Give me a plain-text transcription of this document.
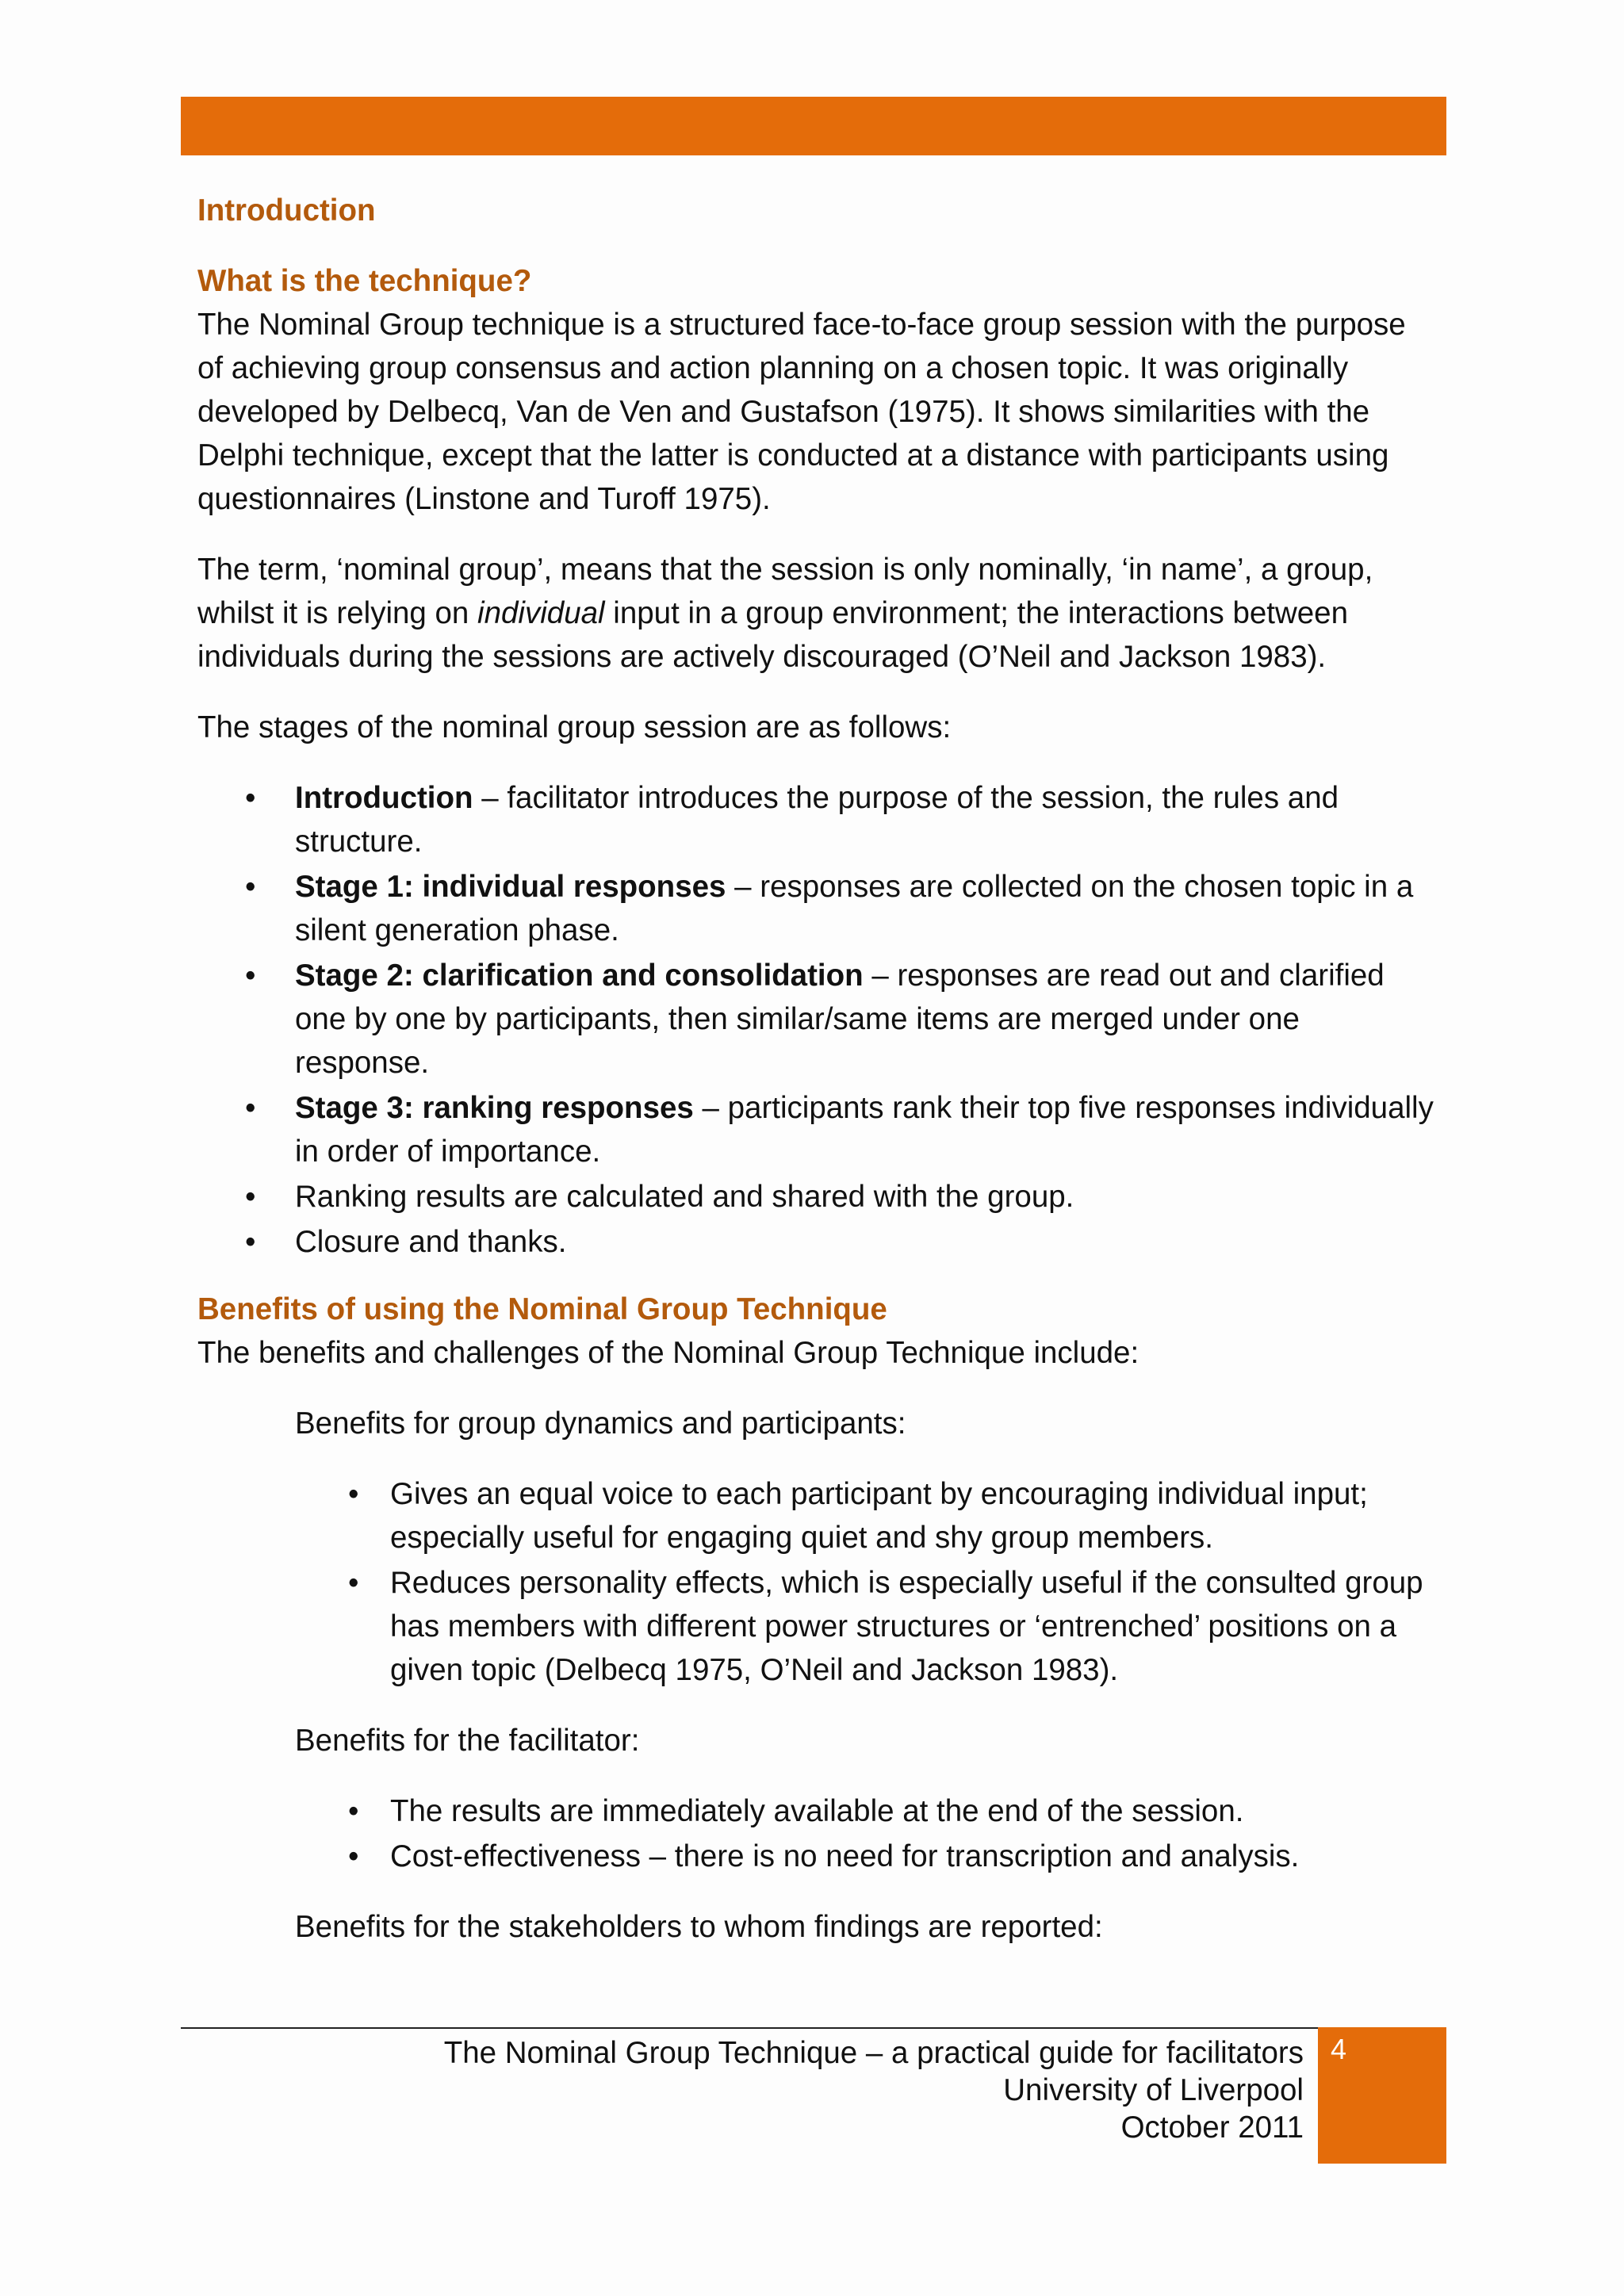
Introduction
What is the technique?

The Nominal Group technique is a structured face-to-face group session with the purpose of achieving group consensus and action planning on a chosen topic. It was originally developed by Delbecq, Van de Ven and Gustafson (1975). It shows similarities with the Delphi technique, except that the latter is conducted at a distance with participants using questionnaires (Linstone and Turoff 1975).

The term, ‘nominal group’, means that the session is only nominally, ‘in name’, a group, whilst it is relying on individual input in a group environment; the interactions between individuals during the sessions are actively discouraged (O’Neil and Jackson 1983).

The stages of the nominal group session are as follows:

•	Introduction – facilitator introduces the purpose of the session, the rules and structure.
•	Stage 1: individual responses – responses are collected on the chosen topic in a silent generation phase.
•	Stage 2: clarification and consolidation – responses are read out and clarified one by one by participants, then similar/same items are merged under one response.
•	Stage 3: ranking responses – participants rank their top five responses individually in order of importance.
•	Ranking results are calculated and shared with the group.
•	Closure and thanks.
Benefits of using the Nominal Group Technique

The benefits and challenges of the Nominal Group Technique include:

Benefits for group dynamics and participants:

•	Gives an equal voice to each participant by encouraging individual input; especially useful for engaging quiet and shy group members.
•	Reduces personality effects, which is especially useful if the consulted group has members with different power structures or ‘entrenched’ positions on a given topic (Delbecq 1975, O’Neil and Jackson 1983).

Benefits for the facilitator:

•	The results are immediately available at the end of the session.
•	Cost-effectiveness – there is no need for transcription and analysis.

Benefits for the stakeholders to whom findings are reported:

The Nominal Group Technique – a practical guide for facilitators
University of Liverpool
October 2011
4
